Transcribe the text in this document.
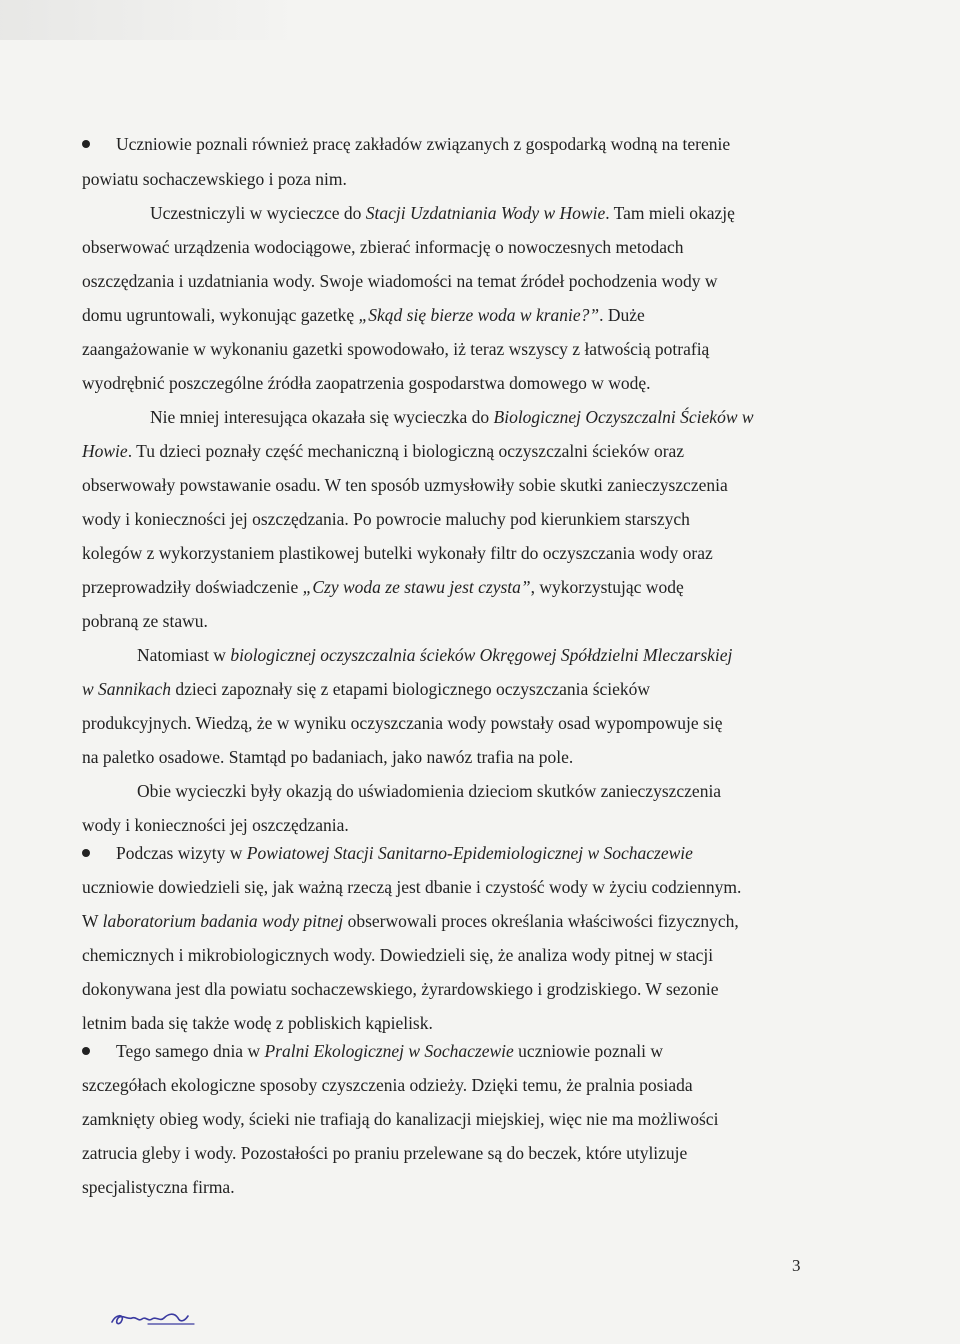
Uczniowie poznali również pracę zakładów związanych z gospodarką wodną na terenie
powiatu sochaczewskiego i poza nim.
Uczestniczyli w wycieczce do Stacji Uzdatniania Wody w Howie. Tam mieli okazję
obserwować urządzenia wodociągowe, zbierać informację o nowoczesnych metodach
oszczędzania i uzdatniania wody. Swoje wiadomości na temat źródeł pochodzenia wody w
domu ugruntowali, wykonując gazetkę „Skąd się bierze woda w kranie?”. Duże
zaangażowanie w wykonaniu gazetki spowodowało, iż teraz wszyscy z łatwością potrafią
wyodrębnić poszczególne źródła zaopatrzenia gospodarstwa domowego w wodę.
Nie mniej interesująca okazała się wycieczka do Biologicznej Oczyszczalni Ścieków w
Howie. Tu dzieci poznały część mechaniczną i biologiczną oczyszczalni ścieków oraz
obserwowały powstawanie osadu. W ten sposób uzmysłowiły sobie skutki zanieczyszczenia
wody i konieczności jej oszczędzania. Po powrocie maluchy pod kierunkiem starszych
kolegów z wykorzystaniem plastikowej butelki wykonały filtr do oczyszczania wody oraz
przeprowadziły doświadczenie „Czy woda ze stawu jest czysta”, wykorzystując wodę
pobraną ze stawu.
Natomiast w biologicznej oczyszczalnia ścieków Okręgowej Spółdzielni Mleczarskiej
w Sannikach dzieci zapoznały się z etapami biologicznego oczyszczania ścieków
produkcyjnych. Wiedzą, że w wyniku oczyszczania wody powstały osad wypompowuje się
na paletko osadowe. Stamtąd po badaniach, jako nawóz trafia na pole.
Obie wycieczki były okazją do uświadomienia dzieciom skutków zanieczyszczenia
wody i konieczności jej oszczędzania.
Podczas wizyty w Powiatowej Stacji Sanitarno-Epidemiologicznej w Sochaczewie
uczniowie dowiedzieli się, jak ważną rzeczą jest dbanie i czystość wody w życiu codziennym.
W laboratorium badania wody pitnej obserwowali proces określania właściwości fizycznych,
chemicznych i mikrobiologicznych wody. Dowiedzieli się, że analiza wody pitnej w stacji
dokonywana jest dla powiatu sochaczewskiego, żyrardowskiego i grodziskiego. W sezonie
letnim bada się także wodę z pobliskich kąpielisk.
Tego samego dnia w Pralni Ekologicznej w Sochaczewie uczniowie poznali w
szczegółach ekologiczne sposoby czyszczenia odzieży. Dzięki temu, że pralnia posiada
zamknięty obieg wody, ścieki nie trafiają do kanalizacji miejskiej, więc nie ma możliwości
zatrucia gleby i wody. Pozostałości po praniu przelewane są do beczek, które utylizuje
specjalistyczna firma.
3
